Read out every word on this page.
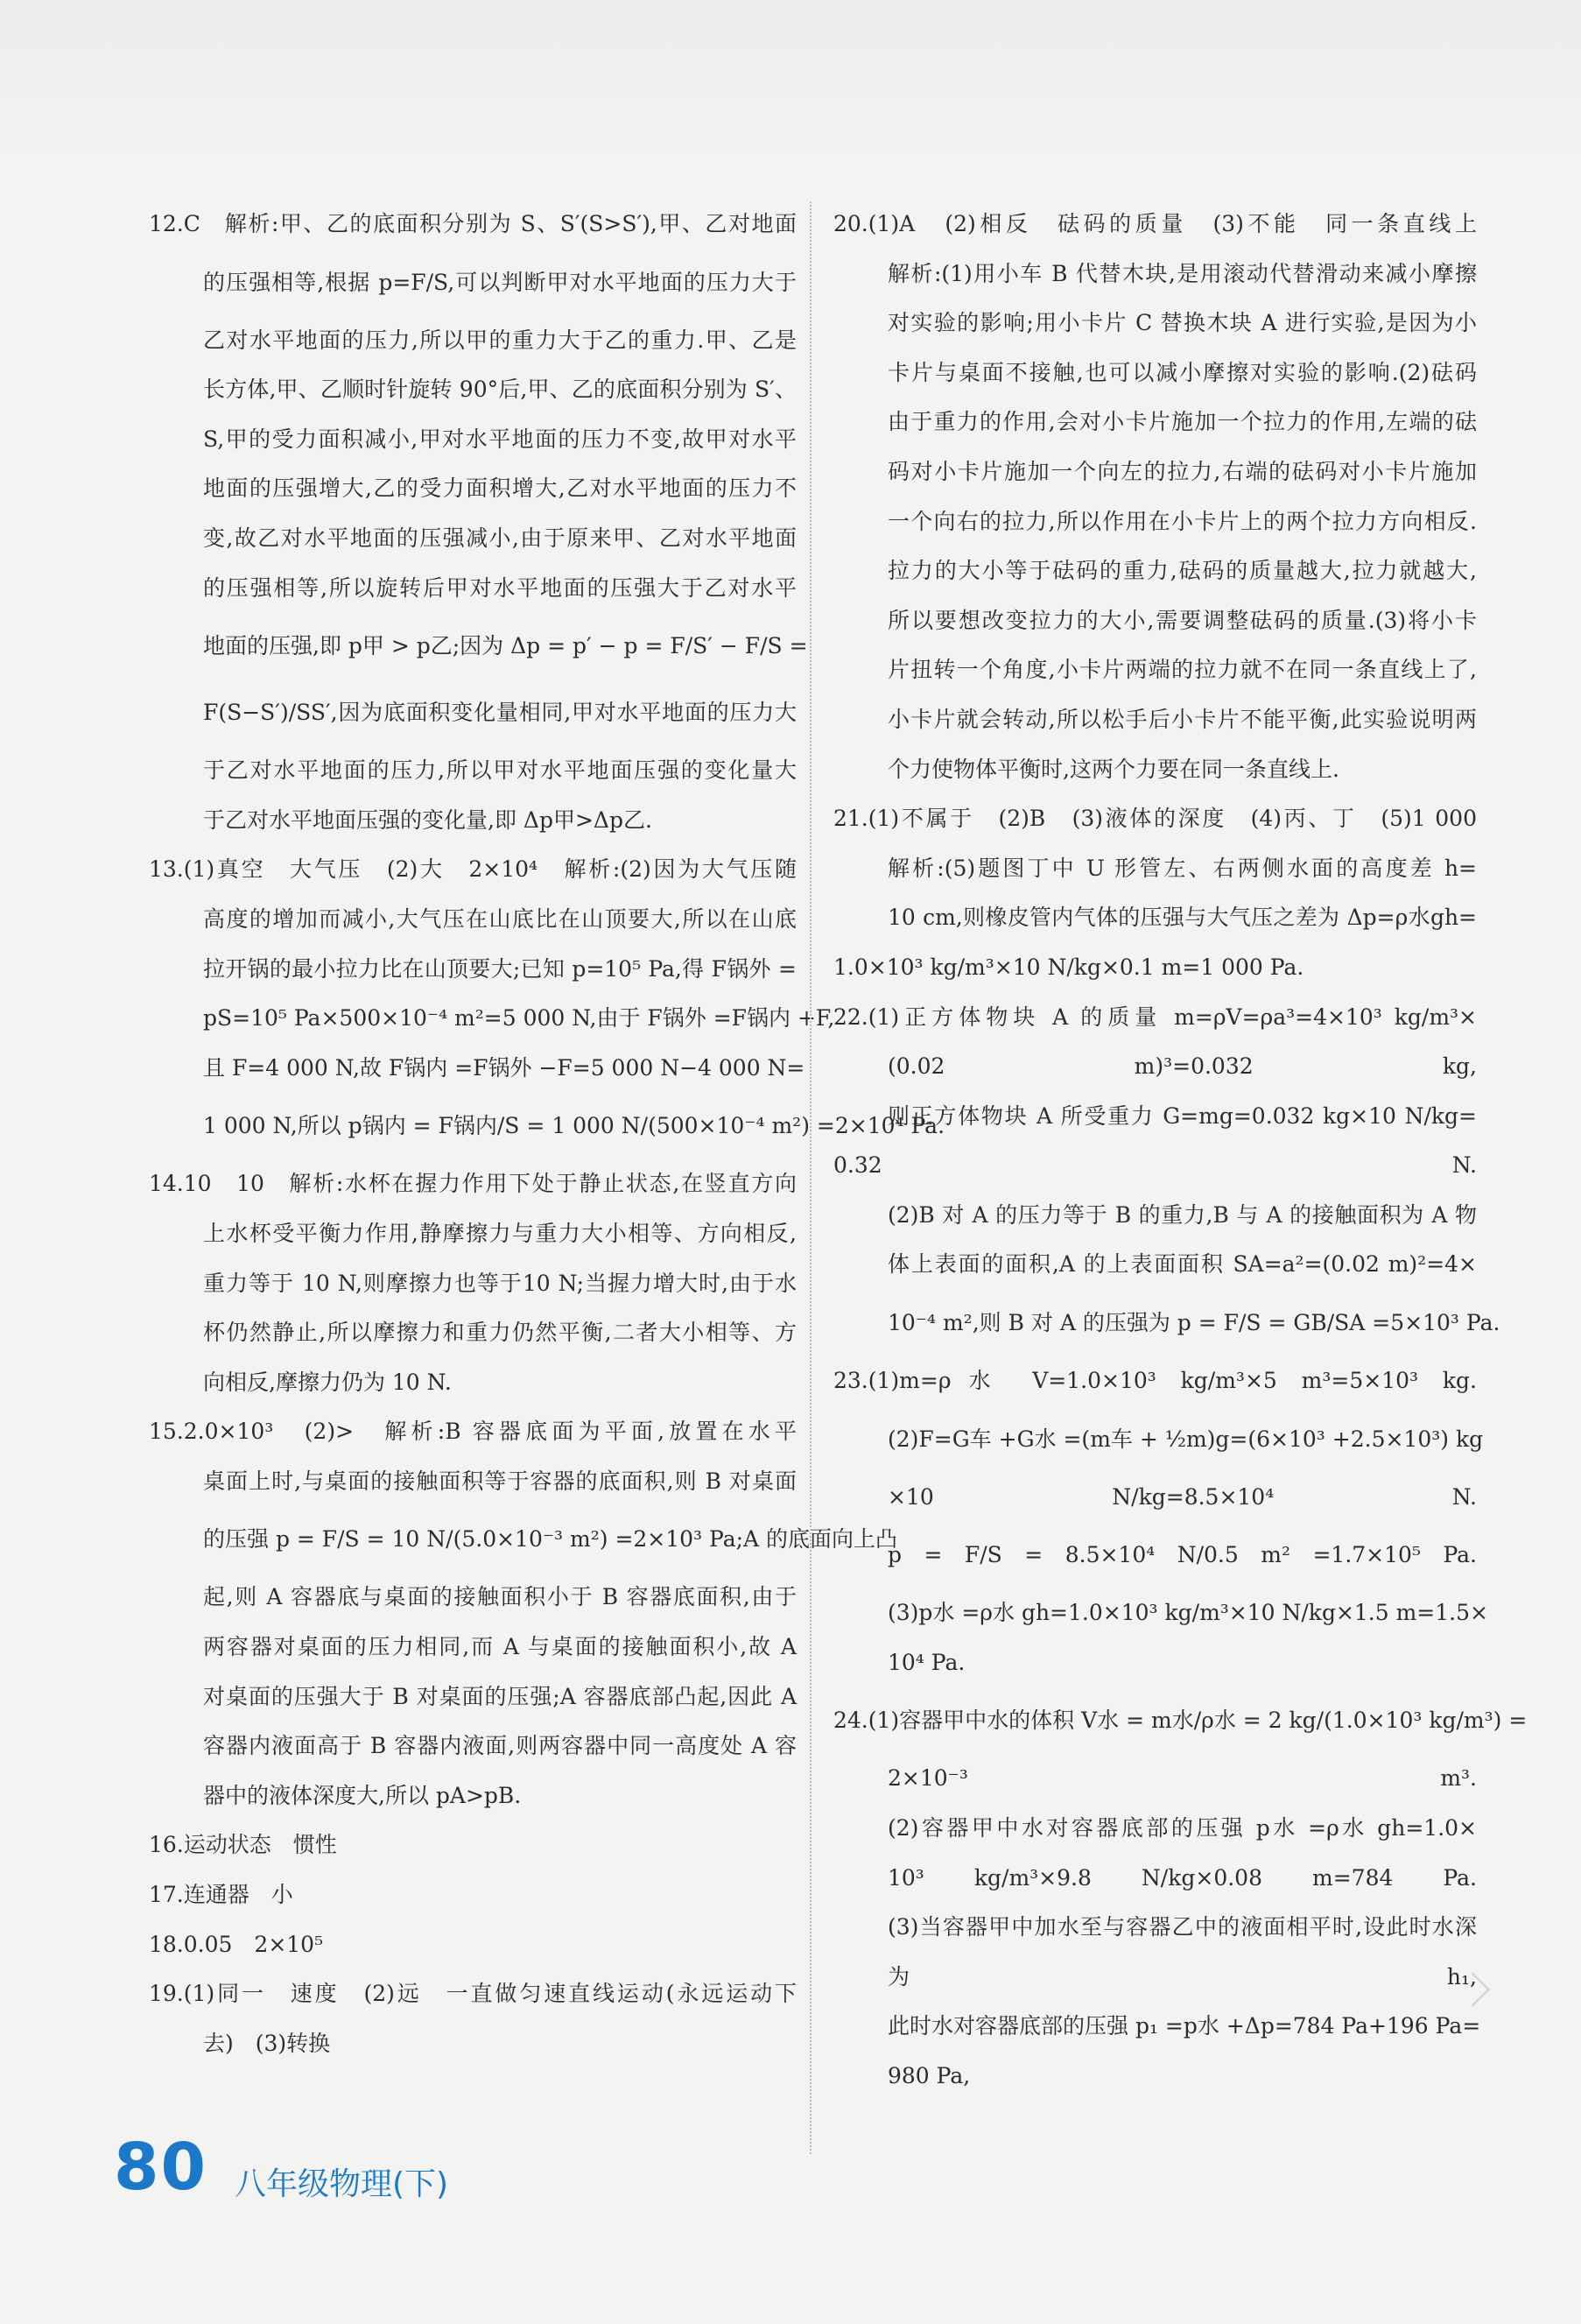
12.C　解析:甲、乙的底面积分别为 S、S′(S>S′),甲、乙对地面
的压强相等,根据 p=F/S,可以判断甲对水平地面的压力大于
乙对水平地面的压力,所以甲的重力大于乙的重力.甲、乙是
长方体,甲、乙顺时针旋转 90°后,甲、乙的底面积分别为 S′、
S,甲的受力面积减小,甲对水平地面的压力不变,故甲对水平
地面的压强增大,乙的受力面积增大,乙对水平地面的压力不
变,故乙对水平地面的压强减小,由于原来甲、乙对水平地面
的压强相等,所以旋转后甲对水平地面的压强大于乙对水平
地面的压强,即 p甲 > p乙;因为 Δp = p′ − p = F/S′ − F/S =
F(S−S′)/SS′,因为底面积变化量相同,甲对水平地面的压力大
于乙对水平地面的压力,所以甲对水平地面压强的变化量大
于乙对水平地面压强的变化量,即 Δp甲>Δp乙.
13.(1)真空　大气压　(2)大　2×10⁴　解析:(2)因为大气压随
高度的增加而减小,大气压在山底比在山顶要大,所以在山底
拉开锅的最小拉力比在山顶要大;已知 p=10⁵ Pa,得 F锅外 =
pS=10⁵ Pa×500×10⁻⁴ m²=5 000 N,由于 F锅外 =F锅内 +F,
且 F=4 000 N,故 F锅内 =F锅外 −F=5 000 N−4 000 N=
1 000 N,所以 p锅内 = F锅内/S = 1 000 N/(500×10⁻⁴ m²) =2×10⁴ Pa.
14.10　10　解析:水杯在握力作用下处于静止状态,在竖直方向
上水杯受平衡力作用,静摩擦力与重力大小相等、方向相反,
重力等于 10 N,则摩擦力也等于10 N;当握力增大时,由于水
杯仍然静止,所以摩擦力和重力仍然平衡,二者大小相等、方
向相反,摩擦力仍为 10 N.
15.2.0×10³　(2)>　解析:B 容器底面为平面,放置在水平
桌面上时,与桌面的接触面积等于容器的底面积,则 B 对桌面
的压强 p = F/S = 10 N/(5.0×10⁻³ m²) =2×10³ Pa;A 的底面向上凸
起,则 A 容器底与桌面的接触面积小于 B 容器底面积,由于
两容器对桌面的压力相同,而 A 与桌面的接触面积小,故 A
对桌面的压强大于 B 对桌面的压强;A 容器底部凸起,因此 A
容器内液面高于 B 容器内液面,则两容器中同一高度处 A 容
器中的液体深度大,所以 pA>pB.
16.运动状态　惯性
17.连通器　小
18.0.05　2×10⁵
19.(1)同一　速度　(2)远　一直做匀速直线运动(永远运动下
去)　(3)转换
20.(1)A　(2)相反　砝码的质量　(3)不能　同一条直线上
解析:(1)用小车 B 代替木块,是用滚动代替滑动来减小摩擦
对实验的影响;用小卡片 C 替换木块 A 进行实验,是因为小
卡片与桌面不接触,也可以减小摩擦对实验的影响.(2)砝码
由于重力的作用,会对小卡片施加一个拉力的作用,左端的砝
码对小卡片施加一个向左的拉力,右端的砝码对小卡片施加
一个向右的拉力,所以作用在小卡片上的两个拉力方向相反.
拉力的大小等于砝码的重力,砝码的质量越大,拉力就越大,
所以要想改变拉力的大小,需要调整砝码的质量.(3)将小卡
片扭转一个角度,小卡片两端的拉力就不在同一条直线上了,
小卡片就会转动,所以松手后小卡片不能平衡,此实验说明两
个力使物体平衡时,这两个力要在同一条直线上.
21.(1)不属于　(2)B　(3)液体的深度　(4)丙、丁　(5)1 000
解析:(5)题图丁中 U 形管左、右两侧水面的高度差 h=
10 cm,则橡皮管内气体的压强与大气压之差为 Δp=ρ水gh=
1.0×10³ kg/m³×10 N/kg×0.1 m=1 000 Pa.
22.(1)正方体物块 A 的质量 m=ρV=ρa³=4×10³ kg/m³×
(0.02 m)³=0.032 kg,
则正方体物块 A 所受重力 G=mg=0.032 kg×10 N/kg=
0.32 N.
(2)B 对 A 的压力等于 B 的重力,B 与 A 的接触面积为 A 物
体上表面的面积,A 的上表面面积 SA=a²=(0.02 m)²=4×
10⁻⁴ m²,则 B 对 A 的压强为 p = F/S = GB/SA =5×10³ Pa.
23.(1)m=ρ水 V=1.0×10³ kg/m³×5 m³=5×10³ kg.
(2)F=G车 +G水 =(m车 + ½m)g=(6×10³ +2.5×10³) kg
×10 N/kg=8.5×10⁴ N.
p = F/S = 8.5×10⁴ N/0.5 m² =1.7×10⁵ Pa.
(3)p水 =ρ水 gh=1.0×10³ kg/m³×10 N/kg×1.5 m=1.5×
10⁴ Pa.
24.(1)容器甲中水的体积 V水 = m水/ρ水 = 2 kg/(1.0×10³ kg/m³) =
2×10⁻³ m³.
(2)容器甲中水对容器底部的压强 p水 =ρ水 gh=1.0×
10³ kg/m³×9.8 N/kg×0.08 m=784 Pa.
(3)当容器甲中加水至与容器乙中的液面相平时,设此时水深
为 h₁,
此时水对容器底部的压强 p₁ =p水 +Δp=784 Pa+196 Pa=
980 Pa,

80 八年级物理(下)
